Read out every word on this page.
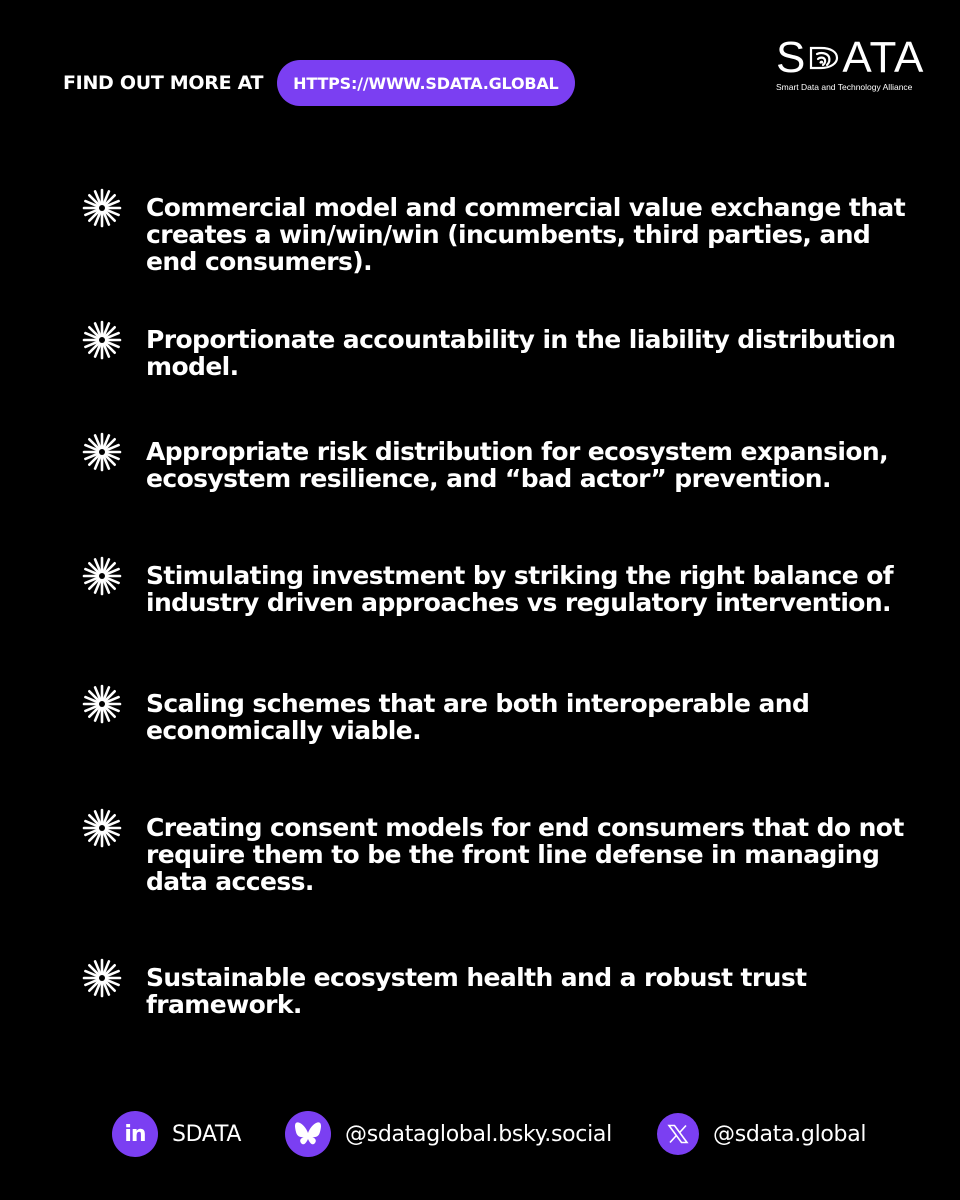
FIND OUT MORE AT	HTTPS://WWW.SDATA.GLOBAL
S ATA
Smart Data and Technology Alliance
Commercial model and commercial value exchange that creates a win/win/win (incumbents, third parties, and end consumers).
Proportionate accountability in the liability distribution model.
Appropriate risk distribution for ecosystem expansion, ecosystem resilience, and “bad actor” prevention.
Stimulating investment by striking the right balance of industry driven approaches vs regulatory intervention.
Scaling schemes that are both interoperable and economically viable.
Creating consent models for end consumers that do not require them to be the front line defense in managing data access.
Sustainable ecosystem health and a robust trust framework.
in SDATA	@sdataglobal.bsky.social	@sdata.global
